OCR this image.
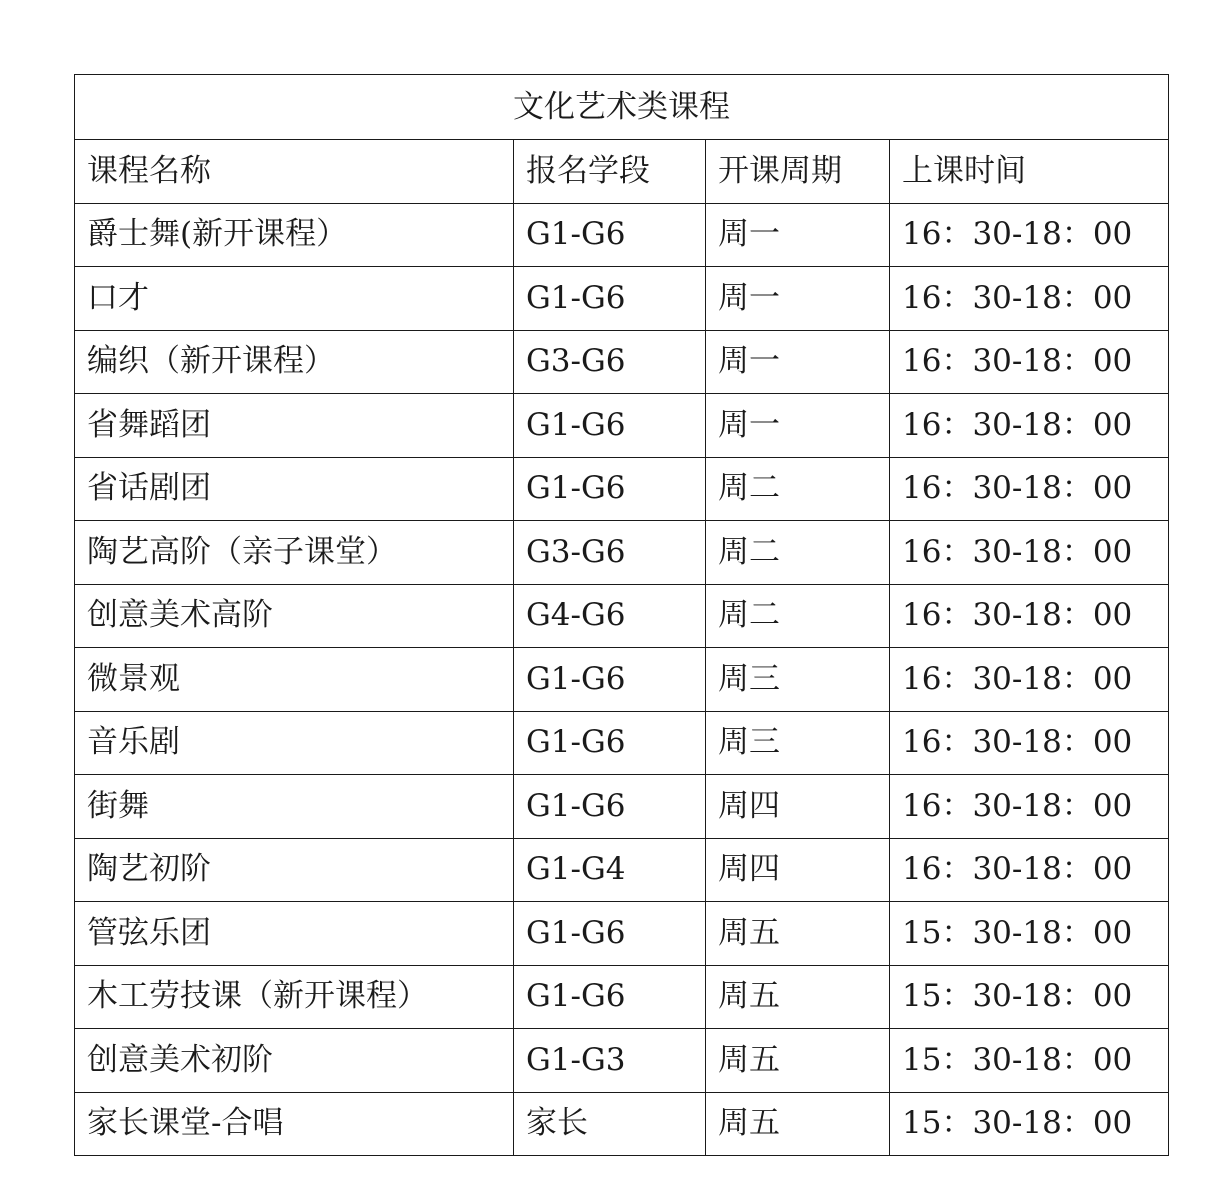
文化艺术类课程			
课程名称	报名学段	开课周期	上课时间
爵士舞(新开课程）	G1-G6	周一	16：30-18：00
口才	G1-G6	周一	16：30-18：00
编织（新开课程）	G3-G6	周一	16：30-18：00
省舞蹈团	G1-G6	周一	16：30-18：00
省话剧团	G1-G6	周二	16：30-18：00
陶艺高阶（亲子课堂）	G3-G6	周二	16：30-18：00
创意美术高阶	G4-G6	周二	16：30-18：00
微景观	G1-G6	周三	16：30-18：00
音乐剧	G1-G6	周三	16：30-18：00
街舞	G1-G6	周四	16：30-18：00
陶艺初阶	G1-G4	周四	16：30-18：00
管弦乐团	G1-G6	周五	15：30-18：00
木工劳技课（新开课程）	G1-G6	周五	15：30-18：00
创意美术初阶	G1-G3	周五	15：30-18：00
家长课堂-合唱	家长	周五	15：30-18：00
